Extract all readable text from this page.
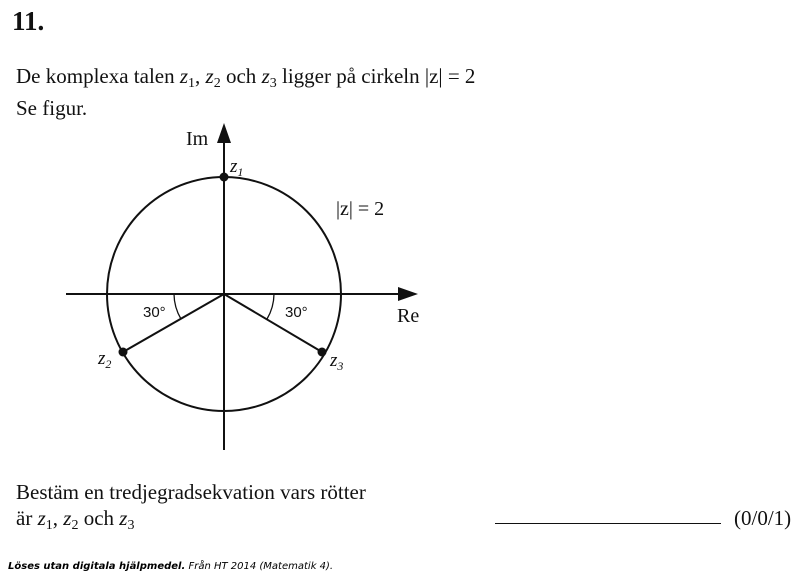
11.
De komplexa talen $z_1$, $z_2$ och $z_3$ ligger på cirkeln |z| = 2
Se figur.
Im
Re
|z| = 2
30°	30°
$z_1$
$z_2$	$z_3$
Bestäm en tredjegradsekvation vars rötter
är $z_1$, $z_2$ och $z_3$	(0/0/1)
Löses utan digitala hjälpmedel. Från HT 2014 (Matematik 4).
